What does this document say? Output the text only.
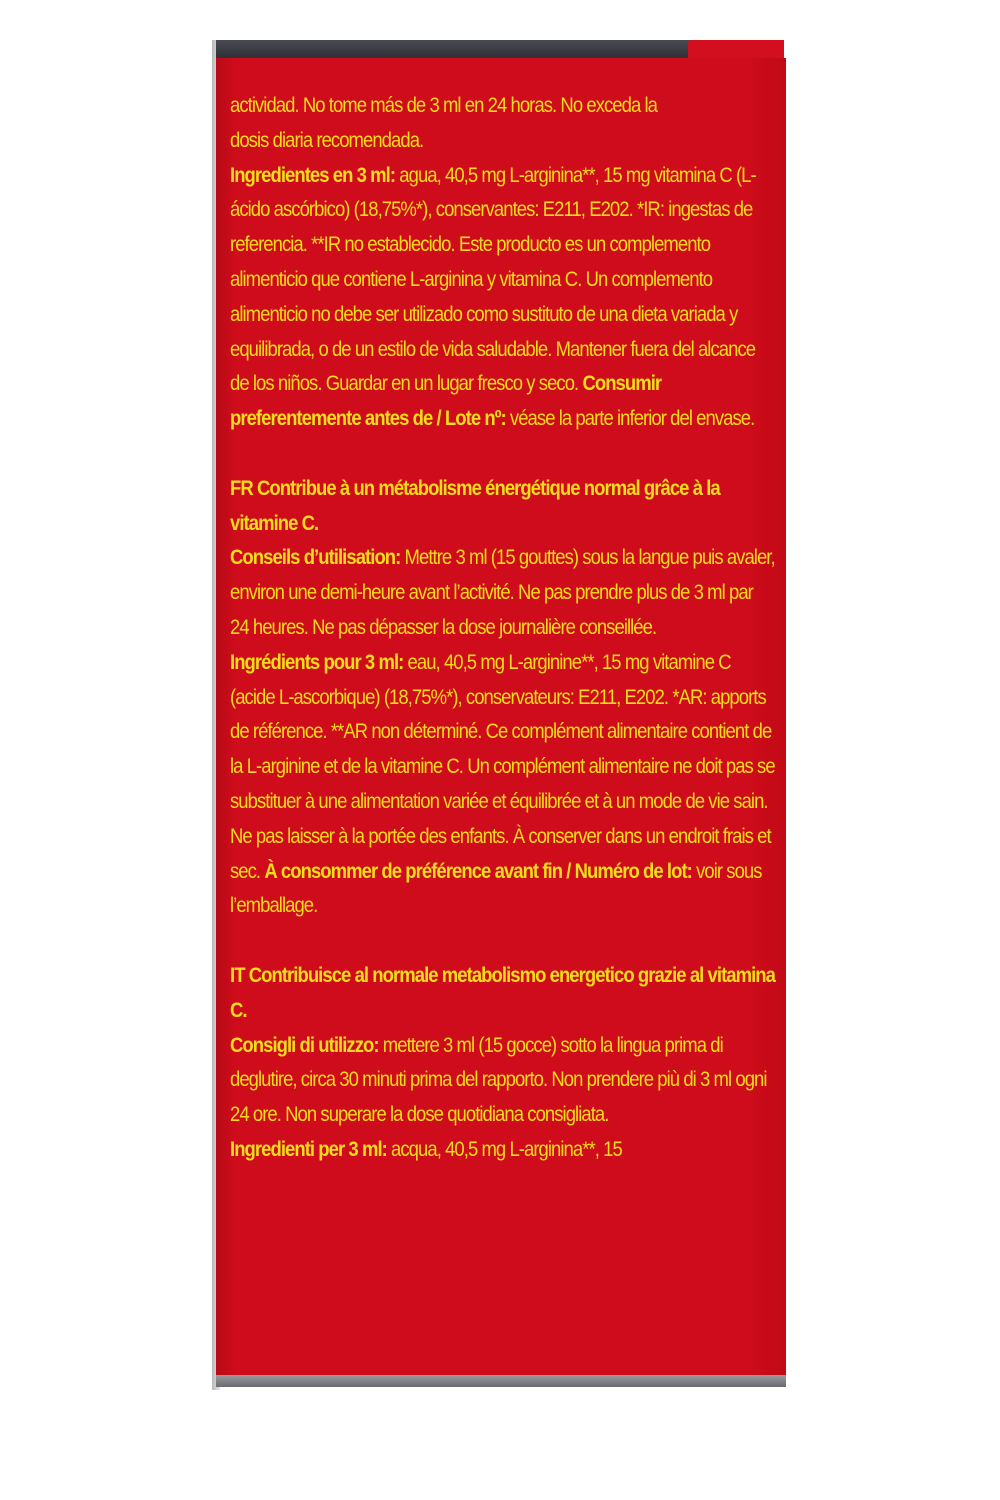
actividad. No tome más de 3 ml en 24 horas. No exceda la
dosis diaria recomendada.

Ingredientes en 3 ml: agua, 40,5 mg L-arginina**, 15 mg vitamina C (L-ácido ascórbico) (18,75%*), conservantes: E211, E202. *IR: ingestas de referencia. **IR no establecido. Este producto es un complemento alimenticio que contiene L-arginina y vitamina C. Un complemento alimenticio no debe ser utilizado como sustituto de una dieta variada y equilibrada, o de un estilo de vida saludable. Mantener fuera del alcance de los niños. Guardar en un lugar fresco y seco. Consumir preferentemente antes de / Lote nº: véase la parte inferior del envase.

FR Contribue à un métabolisme énergétique normal grâce à la vitamine C.

Conseils d’utilisation: Mettre 3 ml (15 gouttes) sous la langue puis avaler, environ une demi-heure avant l’activité. Ne pas prendre plus de 3 ml par 24 heures. Ne pas dépasser la dose journalière conseillée.

Ingrédients pour 3 ml: eau, 40,5 mg L-arginine**, 15 mg vitamine C (acide L-ascorbique) (18,75%*), conservateurs: E211, E202. *AR: apports de référence. **AR non déterminé. Ce complément alimentaire contient de la L-arginine et de la vitamine C. Un complément alimentaire ne doit pas se substituer à une alimentation variée et équilibrée et à un mode de vie sain. Ne pas laisser à la portée des enfants. À conserver dans un endroit frais et sec. À consommer de préférence avant fin / Numéro de lot: voir sous l’emballage.

IT Contribuisce al normale metabolismo energetico grazie al vitamina C.

Consigli di utilizzo: mettere 3 ml (15 gocce) sotto la lingua prima di deglutire, circa 30 minuti prima del rapporto. Non prendere più di 3 ml ogni 24 ore. Non superare la dose quotidiana consigliata.

Ingredienti per 3 ml: acqua, 40,5 mg L-arginina**, 15
